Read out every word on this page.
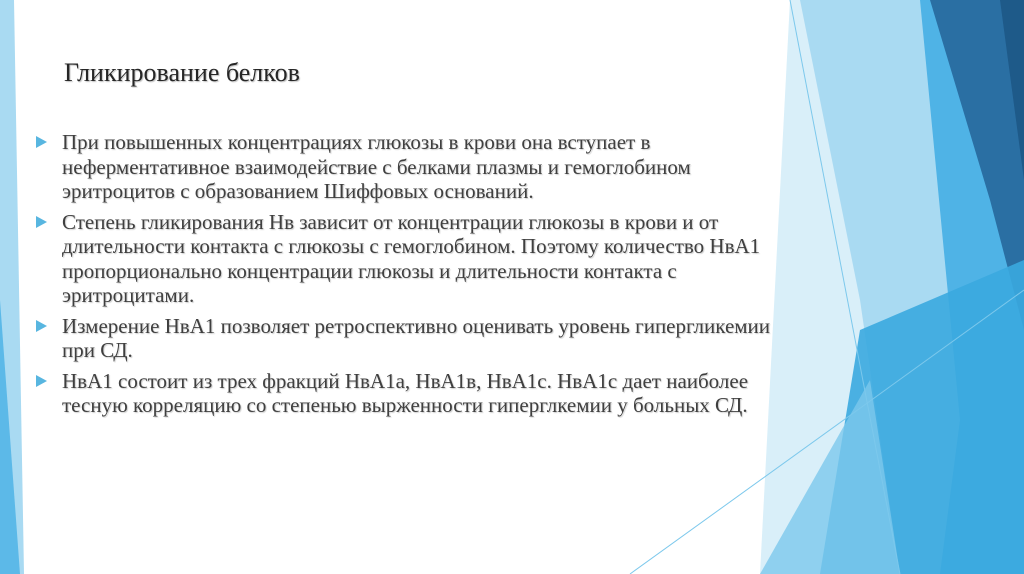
Гликирование белков
При повышенных концентрациях глюкозы в крови она вступает в неферментативное взаимодействие с белками плазмы и гемоглобином эритроцитов с образованием Шиффовых оснований.
Степень гликирования Нв зависит от концентрации глюкозы в крови и от длительности контакта с глюкозы с гемоглобином. Поэтому количество НвА1 пропорционально концентрации глюкозы и длительности контакта с эритроцитами.
Измерение НвА1 позволяет ретроспективно оценивать уровень гипергликемии при СД.
НвА1 состоит из трех фракций НвА1а, НвА1в, НвА1с. НвА1с дает наиболее тесную корреляцию со степенью вырженности гиперглкемии у больных СД.
